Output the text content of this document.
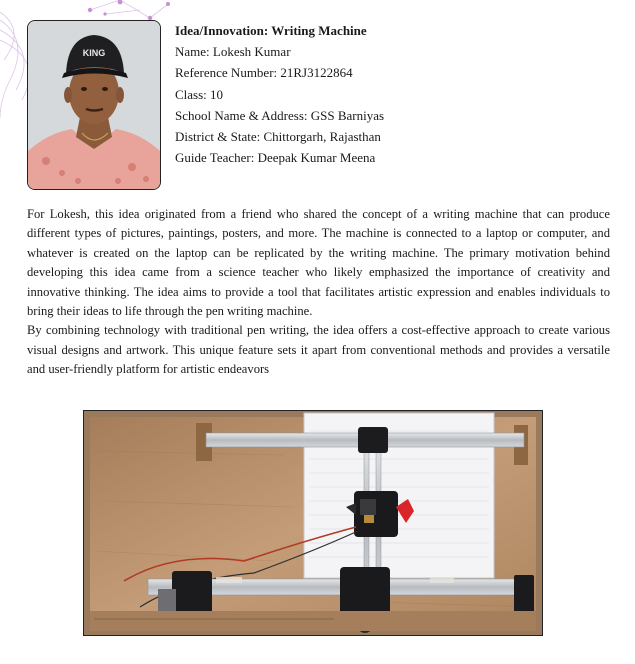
KING
Idea/Innovation: Writing Machine
Name: Lokesh Kumar
Reference Number: 21RJ3122864
Class: 10
School Name & Address: GSS Barniyas
District & State: Chittorgarh, Rajasthan
Guide Teacher: Deepak Kumar Meena

For Lokesh, this idea originated from a friend who shared the concept of a writing machine that can produce different types of pictures, paintings, posters, and more. The machine is connected to a laptop or computer, and whatever is created on the laptop can be replicated by the writing machine. The primary motivation behind developing this idea came from a science teacher who likely emphasized the importance of creativity and innovative thinking. The idea aims to provide a tool that facilitates artistic expression and enables individuals to bring their ideas to life through the pen writing machine.

By combining technology with traditional pen writing, the idea offers a cost-effective approach to create various visual designs and artwork. This unique feature sets it apart from conventional methods and provides a versatile and user-friendly platform for artistic endeavors
